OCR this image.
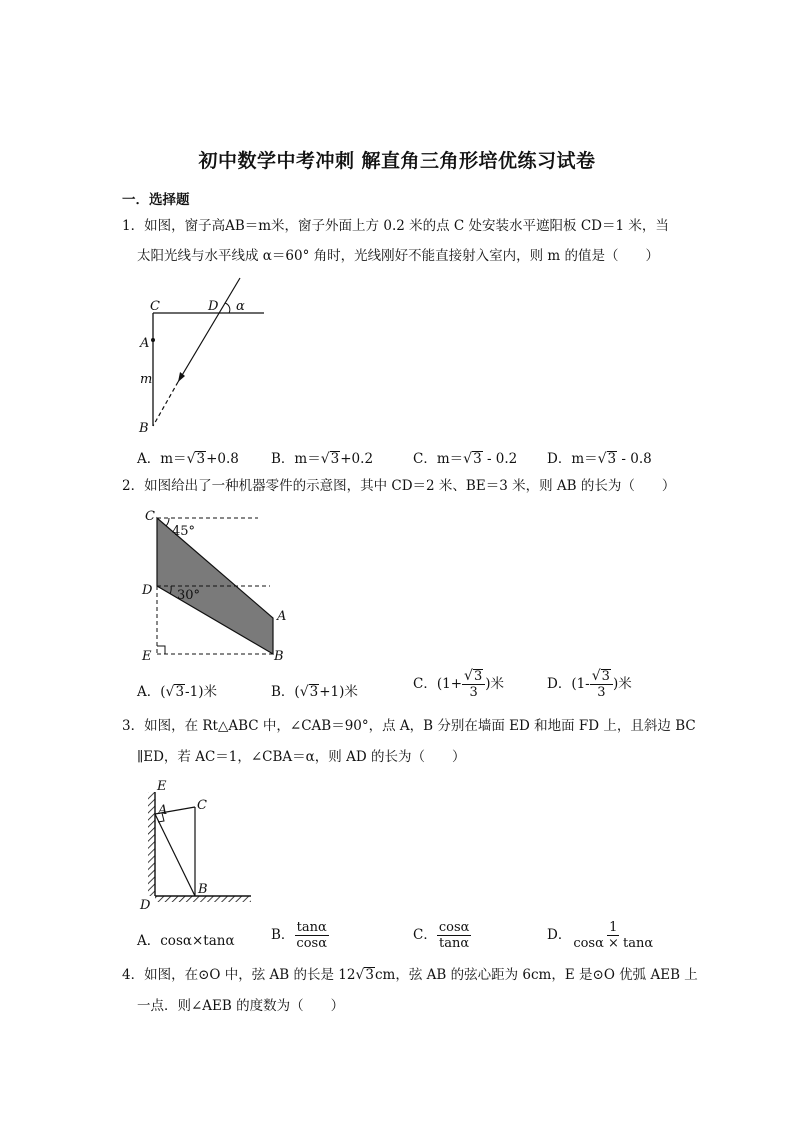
初中数学中考冲刺 解直角三角形培优练习试卷
一．选择题
1．如图，窗子高AB＝m米，窗子外面上方 0.2 米的点 C 处安装水平遮阳板 CD＝1 米，当
太阳光线与水平线成 α＝60° 角时，光线刚好不能直接射入室内，则 m 的值是（　　）
C	D α
A
m
B
A．m＝√3+0.8 B．m＝√3+0.2	C．m＝√3 - 0.2 D．m＝√3 - 0.8
2．如图给出了一种机器零件的示意图，其中 CD＝2 米、BE＝3 米，则 AB 的长为（　　）
C
45°
D 30°
A
E	B
A．(√3-1)米	B．(√3+1)米	C．($1+ \frac{√3}{3}$ )米	D．($1- \frac{√3}{3}$ )米
3．如图，在 Rt△ABC 中，∠CAB＝90°，点 A，B 分别在墙面 ED 和地面 FD 上，且斜边 BC
∥ED，若 AC＝1，∠CBA＝α，则 AD 的长为（　　）
E
A C
B
D
A．cosα×tanα	B． $\frac{\tan\alpha}{\cos\alpha}$	C． $\frac{\cos\alpha}{\tan\alpha}$	D． $\frac{1}{\cos\alpha \times \tan\alpha}$
4．如图，在⊙O 中，弦 AB 的长是 12√3cm，弦 AB 的弦心距为 6cm，E 是⊙O 优弧 AEB 上
一点．则∠AEB 的度数为（　　）
